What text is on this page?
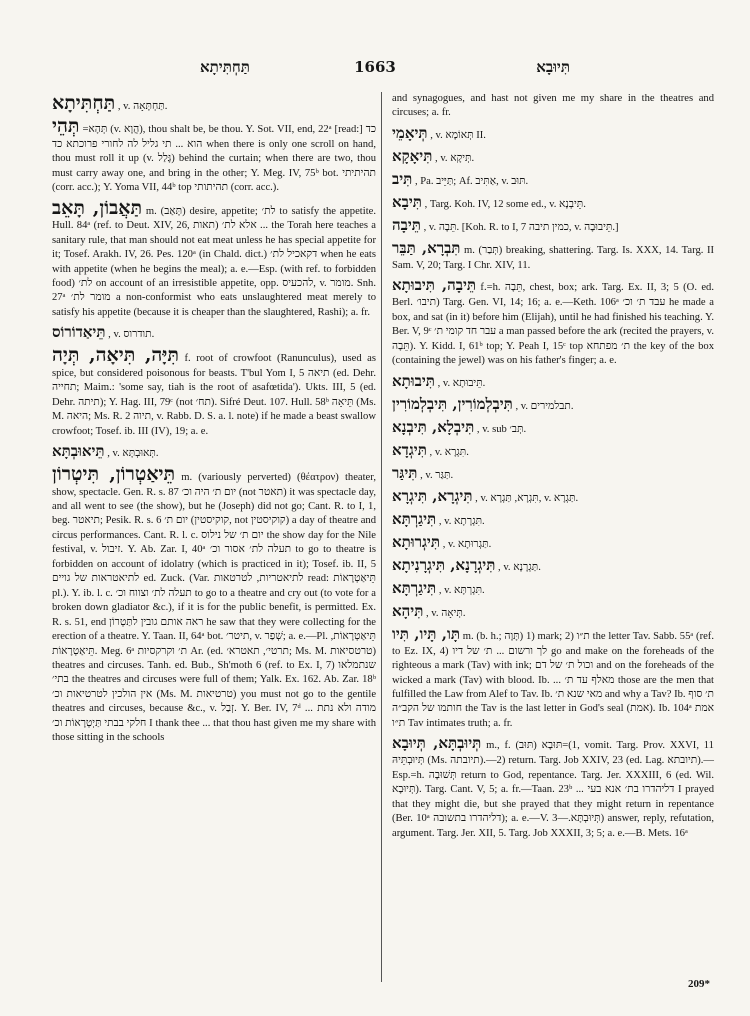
תַּחְתִּיתָא	1663	תִּיוּבָא
תַּחְתִּיתָא , v. תַּחְתָּאָה.
תְּהֵי =תְּהָא (v. הֲוָא), thou shalt be, be thou. Y. Sot. VII, end, 22ᵃ [read:] כד הוא ... תי גליל לה לחורי פרוכתא כד when there is only one scroll on hand, thou must roll it up (v. גָּלַל) behind the curtain; when there are two, thou must carry away one, and bring in the other; Y. Meg. IV, 75ᵇ bot. תהיתיתי (corr. acc.); Y. Yoma VII, 44ᵇ top תהיתותי (corr. acc.).
תַּאֲבוֹן, תָּאֵב m. (תָּאַב) desire, appetite; לת׳ to satisfy the appetite. Hull. 84ᵃ (ref. to Deut. XIV, 26, תאות) אלא לת׳ ... the Torah here teaches a sanitary rule, that man should not eat meat unless he has special appetite for it; Tosef. Arakh. IV, 26. Pes. 120ᵃ (in Chald. dict.) דקאכיל לת׳ when he eats with appetite (when he begins the meal); a. e.—Esp. (with ref. to forbidden food) לת׳ on account of an irresistible appetite, opp. להכעיס, v. מומר. Snh. 27ᵃ מומר לת׳ a non-conformist who eats unslaughtered meat merely to satisfy his appetite (because it is cheaper than the slaughtered, Rashi); a. fr.
תֵּיאַדוֹרוֹס , v. תודרוס.
תִּיָּה, תִּיאָה, תְּיָה f. root of crowfoot (Ranunculus), used as spice, but considered poisonous for beasts. T'bul Yom I, 5 תיאה (ed. Dehr. תחייה; Maim.: 'some say, tiah is the root of asafœtida'). Ukts. III, 5 (ed. Dehr. תיתה); Y. Hag. III, 79ᶜ (not תח׳). Sifré Deut. 107. Hull. 58ᵇ תֵּיאָה (Ms. M. היאה; Ms. R. 2 תיוה, v. Rabb. D. S. a. l. note) if he made a beast swallow crowfoot; Tosef. ib. III (IV), 19; a. e.
תֵּיאוּבְתָּא , v. תְּאוּבְתָּא.
תֵּיאַטְרוֹן, תִּיטְרוֹן m. (variously perverted) (θέατρον) theater, show, spectacle. Gen. R. s. 87 יום ת׳ היה וכ׳ (not תאטר) it was spectacle day, and all went to see (the show), but he (Joseph) did not go; Cant. R. to I, 1, beg. תיאטר; Pesik. R. s. 6 יום ת׳ (קוקיסטין, not קוקיסטין) a day of theatre and circus performances. Cant. R. l. c. יום ת׳ של נילוס the show day for the Nile festival, v. זיבול. Y. Ab. Zar. I, 40ᵃ תעלה לת׳ אסור וכ׳ to go to theatre is forbidden on account of idolatry (which is practiced in it); Tosef. ib. II, 5 לתיאטראות של גויים ed. Zuck. (Var. לתיאטריות, לטרטאות read: תֵּיאַטְרָאוֹת pl.). Y. ib. l. c. תעלה לת׳ וצווח וכ׳ to go to a theatre and cry out (to vote for a broken down gladiator &c.), if it is for the public benefit, is permitted. Ex. R. s. 51, end ראה אותם גובין לתַּטְרוֹן he saw that they were collecting for the erection of a theatre. Y. Taan. II, 64ᵃ bot. תיטר׳, v. שְׁפַר; a. e.—Pl. תֵּיאַטְרָאוֹת, תֵּיאַטְרָאוֹת. Meg. 6ᵃ ת׳ וקרקסיות Ar. (ed. תרטי׳, תאטרא׳; Ms. M. טרטסיאות) theatres and circuses. Tanh. ed. Bub., Sh'moth 6 (ref. to Ex. I, 7) שנתמלאו בתי׳ the theatres and circuses were full of them; Yalk. Ex. 162. Ab. Zar. 18ᵇ אין הולכין לטרטיאות וכ׳ (Ms. M. טרטיאות) you must not go to the gentile theatres and circuses, because &c., v. זְבַל. Y. Ber. IV, 7ᵈ ... מודה ולא נתת חלקי בבתי תַּיְטְרָאוֹת וכ׳ I thank thee ... that thou hast given me my share with those sitting in the schools
and synagogues, and hast not given me my share in the theatres and circuses; a. fr.
תְּיאָמֵי , v. תְּאוֹמָא II.
תִּיאָקָא , v. תְּיקָא.
תִּיב , Pa. תַּיֵּיב; Af. אַתִּיב, v. תּוּב.
תִּיבָא , Targ. Koh. IV, 12 some ed., v. תֵּיבְנָא.
תֵּיבָה , v. תֵּבָה. [Koh. R. to I, 7 כמין תיבה, v. תֵּיבוּבָה.]
תִּבְרָא, תַּבֵּר m. (תְּבַר) breaking, shattering. Targ. Is. XXX, 14. Targ. II Sam. V, 20; Targ. I Chr. XIV, 11.
תֵּיבָה, תִּיבוּתָא f.=h. תֵּבָה, chest, box; ark. Targ. Ex. II, 3; 5 (O. ed. Berl. תיבו׳) Targ. Gen. VI, 14; 16; a. e.—Keth. 106ᵃ עבד ת׳ וכ׳ he made a box, and sat (in it) before him (Elijah), until he had finished his teaching. Y. Ber. V, 9ᶜ עבר חד קומי ת׳ a man passed before the ark (recited the prayers, v. תֵּבָה). Y. Kidd. I, 61ᵇ top; Y. Peah I, 15ᶜ top ת׳ מפתחא the key of the box (containing the jewel) was on his father's finger; a. e.
תִּיבוּתָא , v. תֵּיבוּתָא.
תִּיבְלְמוֹרִין, תִּיבְלְמוֹרִין , v. תבלמירים.
תִּיבְלָא, תִּיבְנָא , v. sub תְּב׳.
תִּיגְדָא , v. תִּגְרָא.
תִּיגַּר , v. תַּגַּר.
תִּיגְרָא, תִּיגְרָא , v. תִּגְרָא, תַּגְרָא, v. תַּגְרָא.
תִּיגַרְתָּא , v. תִּגְרָתָא.
תִּיגְרוּתָא , v. תַּגְרוּתָא.
תִּיגְרָנָא, תִּיגְרָנִיתָא , v. תַּגְרָנָא.
תִּיגַרְתָּא , v. תִּגְרְתָּא.
תִּיהָא , v. תְּיאָה.
תָּו, תָּיו, תִּיו m. (b. h.; תָּוָה) 1) mark; 2) ת״ו the letter Tav. Sabb. 55ᵃ (ref. to Ez. IX, 4) לך ורשום ... ת׳ של דיו go and make on the foreheads of the righteous a mark (Tav) with ink; וכול ת׳ של דם and on the foreheads of the wicked a mark (Tav) with blood. Ib. ... מאלף עד ת׳ those are the men that fulfilled the Law from Alef to Tav. Ib. מאי שנא ת׳ and why a Tav? Ib. ת׳ סוף חותמו של הקב״ה the Tav is the last letter in God's seal (אמת). Ib. 104ᵃ אמת ת״ו Tav intimates truth; a. fr.
תְּיוּבְתָּא, תְּיוּבָא m., f. (תּוּב) 1)=תּוּבָא, vomit. Targ. Prov. XXVI, 11 תְּיוּבְתֵּיהּ (Ms. תיובתה).—2) return. Targ. Job XXIV, 23 (ed. Lag. תיובתא).—Esp.=h. תְּשׁוּבָה return to God, repentance. Targ. Jer. XXXIII, 6 (ed. Wil. תְּיוּבָא). Targ. Cant. V, 5; a. fr.—Taan. 23ᵇ ... דליהדרו בת׳ אנא בעי I prayed that they might die, but she prayed that they might return in repentance (Ber. 10ᵃ דליהדרו בתשובה); a. e.—V. תְּיוּבְתָּא.—3) answer, reply, refutation, argument. Targ. Jer. XII, 5. Targ. Job XXXII, 3; 5; a. e.—B. Mets. 16ᵃ
209*
